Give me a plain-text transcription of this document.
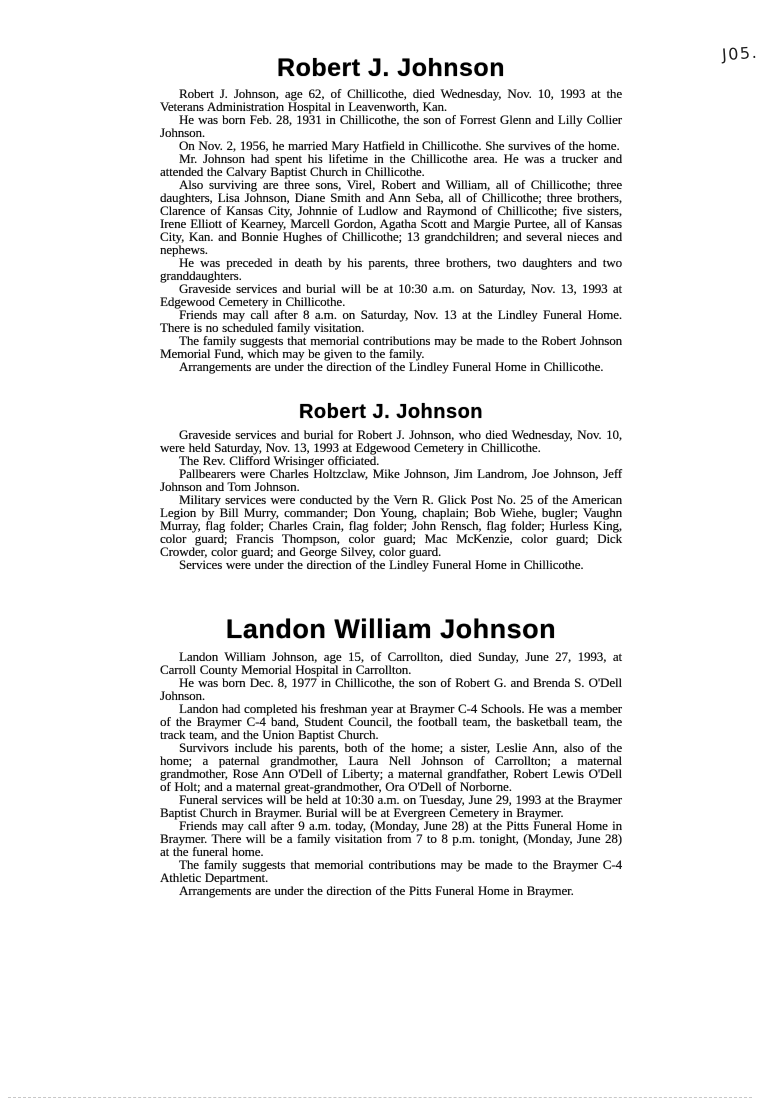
J05.
Robert J. Johnson

Robert J. Johnson, age 62, of Chillicothe, died Wednesday, Nov. 10, 1993 at the Veterans Administration Hospital in Leavenworth, Kan.

He was born Feb. 28, 1931 in Chillicothe, the son of Forrest Glenn and Lilly Collier Johnson.

On Nov. 2, 1956, he married Mary Hatfield in Chillicothe. She survives of the home.

Mr. Johnson had spent his lifetime in the Chillicothe area. He was a trucker and attended the Calvary Baptist Church in Chillicothe.

Also surviving are three sons, Virel, Robert and William, all of Chillicothe; three daughters, Lisa Johnson, Diane Smith and Ann Seba, all of Chillicothe; three brothers, Clarence of Kansas City, Johnnie of Ludlow and Raymond of Chillicothe; five sisters, Irene Elliott of Kearney, Marcell Gordon, Agatha Scott and Margie Purtee, all of Kansas City, Kan. and Bonnie Hughes of Chillicothe; 13 grandchildren; and several nieces and nephews.

He was preceded in death by his parents, three brothers, two daughters and two granddaughters.

Graveside services and burial will be at 10:30 a.m. on Saturday, Nov. 13, 1993 at Edgewood Cemetery in Chillicothe.

Friends may call after 8 a.m. on Saturday, Nov. 13 at the Lindley Funeral Home. There is no scheduled family visitation.

The family suggests that memorial contributions may be made to the Robert Johnson Memorial Fund, which may be given to the family.

Arrangements are under the direction of the Lindley Funeral Home in Chillicothe.

Robert J. Johnson

Graveside services and burial for Robert J. Johnson, who died Wednesday, Nov. 10, were held Saturday, Nov. 13, 1993 at Edgewood Cemetery in Chillicothe.

The Rev. Clifford Wrisinger officiated.

Pallbearers were Charles Holtzclaw, Mike Johnson, Jim Landrom, Joe Johnson, Jeff Johnson and Tom Johnson.

Military services were conducted by the Vern R. Glick Post No. 25 of the American Legion by Bill Murry, commander; Don Young, chaplain; Bob Wiehe, bugler; Vaughn Murray, flag folder; Charles Crain, flag folder; John Rensch, flag folder; Hurless King, color guard; Francis Thompson, color guard; Mac McKenzie, color guard; Dick Crowder, color guard; and George Silvey, color guard.

Services were under the direction of the Lindley Funeral Home in Chillicothe.

Landon William Johnson

Landon William Johnson, age 15, of Carrollton, died Sunday, June 27, 1993, at Carroll County Memorial Hospital in Carrollton.

He was born Dec. 8, 1977 in Chillicothe, the son of Robert G. and Brenda S. O'Dell Johnson.

Landon had completed his freshman year at Braymer C-4 Schools. He was a member of the Braymer C-4 band, Student Council, the football team, the basketball team, the track team, and the Union Baptist Church.

Survivors include his parents, both of the home; a sister, Leslie Ann, also of the home; a paternal grandmother, Laura Nell Johnson of Carrollton; a maternal grandmother, Rose Ann O'Dell of Liberty; a maternal grandfather, Robert Lewis O'Dell of Holt; and a maternal great-grandmother, Ora O'Dell of Norborne.

Funeral services will be held at 10:30 a.m. on Tuesday, June 29, 1993 at the Braymer Baptist Church in Braymer. Burial will be at Evergreen Cemetery in Braymer.

Friends may call after 9 a.m. today, (Monday, June 28) at the Pitts Funeral Home in Braymer. There will be a family visitation from 7 to 8 p.m. tonight, (Monday, June 28) at the funeral home.

The family suggests that memorial contributions may be made to the Braymer C-4 Athletic Department.

Arrangements are under the direction of the Pitts Funeral Home in Braymer.
